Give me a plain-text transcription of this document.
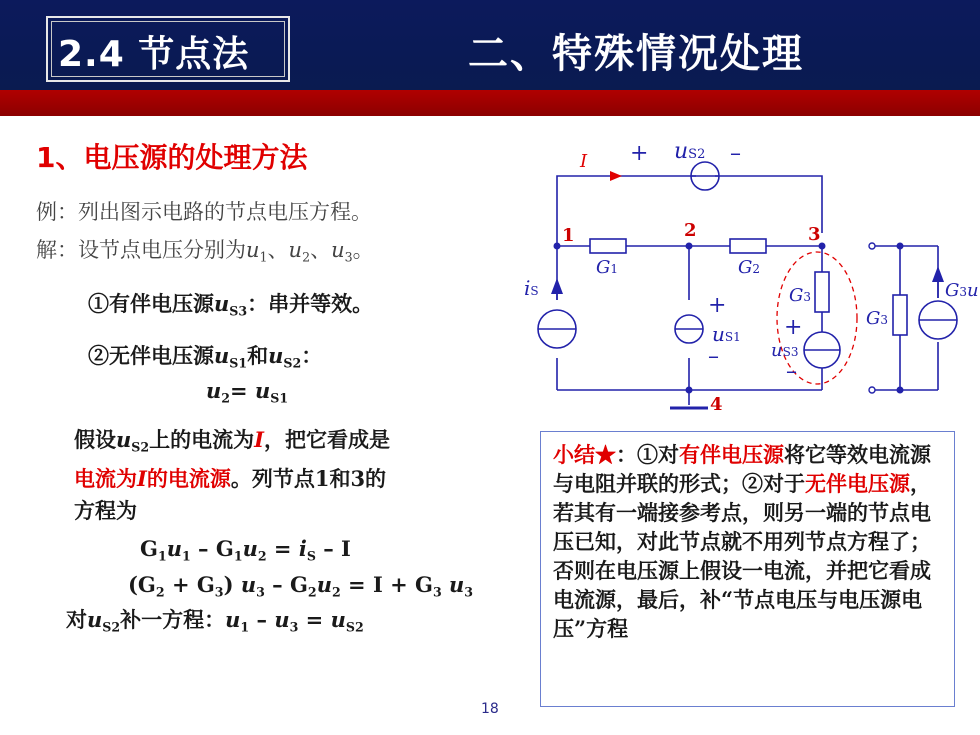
2.4 节点法	二、特殊情况处理
1、电压源的处理方法
例：列出图示电路的节点电压方程。
解：设节点电压分别为$u_1$、$u_2$、$u_3$。
①有伴电压源$u_{S3}$：串并等效。
②无伴电压源$u_{S1}$和$u_{S2}$：
$u_2= u_{S1}$
假设$u_{S2}$上的电流为I，把它看成是
电流为I的电流源。列节点1和3的
方程为
$G_1u_1 - G_1u_2 = i_S - I$
$(G_2 + G_3)$ $u_3 - G_2u_2 = I + G_3$ $u_3$
对$u_{S2}$补一方程：$u_1 - u_3 = u_{S2}$
小结★：①对有伴电压源将它等效电流源与电阻并联的形式；②对于无伴电压源，若其有一端接参考点，则另一端的节点电压已知，对此节点就不用列节点方程了；否则在电压源上假设一电流，并把它看成电流源，最后，补“节点电压与电压源电压”方程
I +	–
uS2
1	2	3
4
G1	G2
iS
+
–
uS1
G3
+
uS3
–
G3
G3u
18
